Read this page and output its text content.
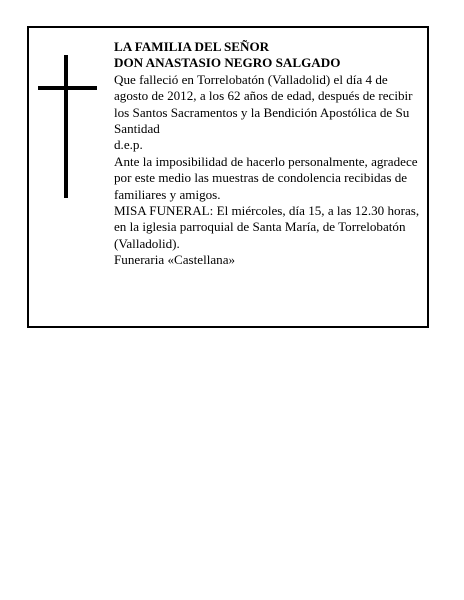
LA FAMILIA DEL SEÑOR

DON ANASTASIO NEGRO SALGADO

Que falleció en Torrelobatón (Valladolid) el día 4 de agosto de 2012, a los 62 años de edad, después de recibir los Santos Sacramentos y la Bendición Apostólica de Su Santidad

d.e.p.

Ante la imposibilidad de hacerlo personalmente, agradece por este medio las muestras de condolencia recibidas de familiares y amigos.

MISA FUNERAL: El miércoles, día 15, a las 12.30 horas, en la iglesia parroquial de Santa María, de Torrelobatón (Valladolid).

Funeraria «Castellana»
